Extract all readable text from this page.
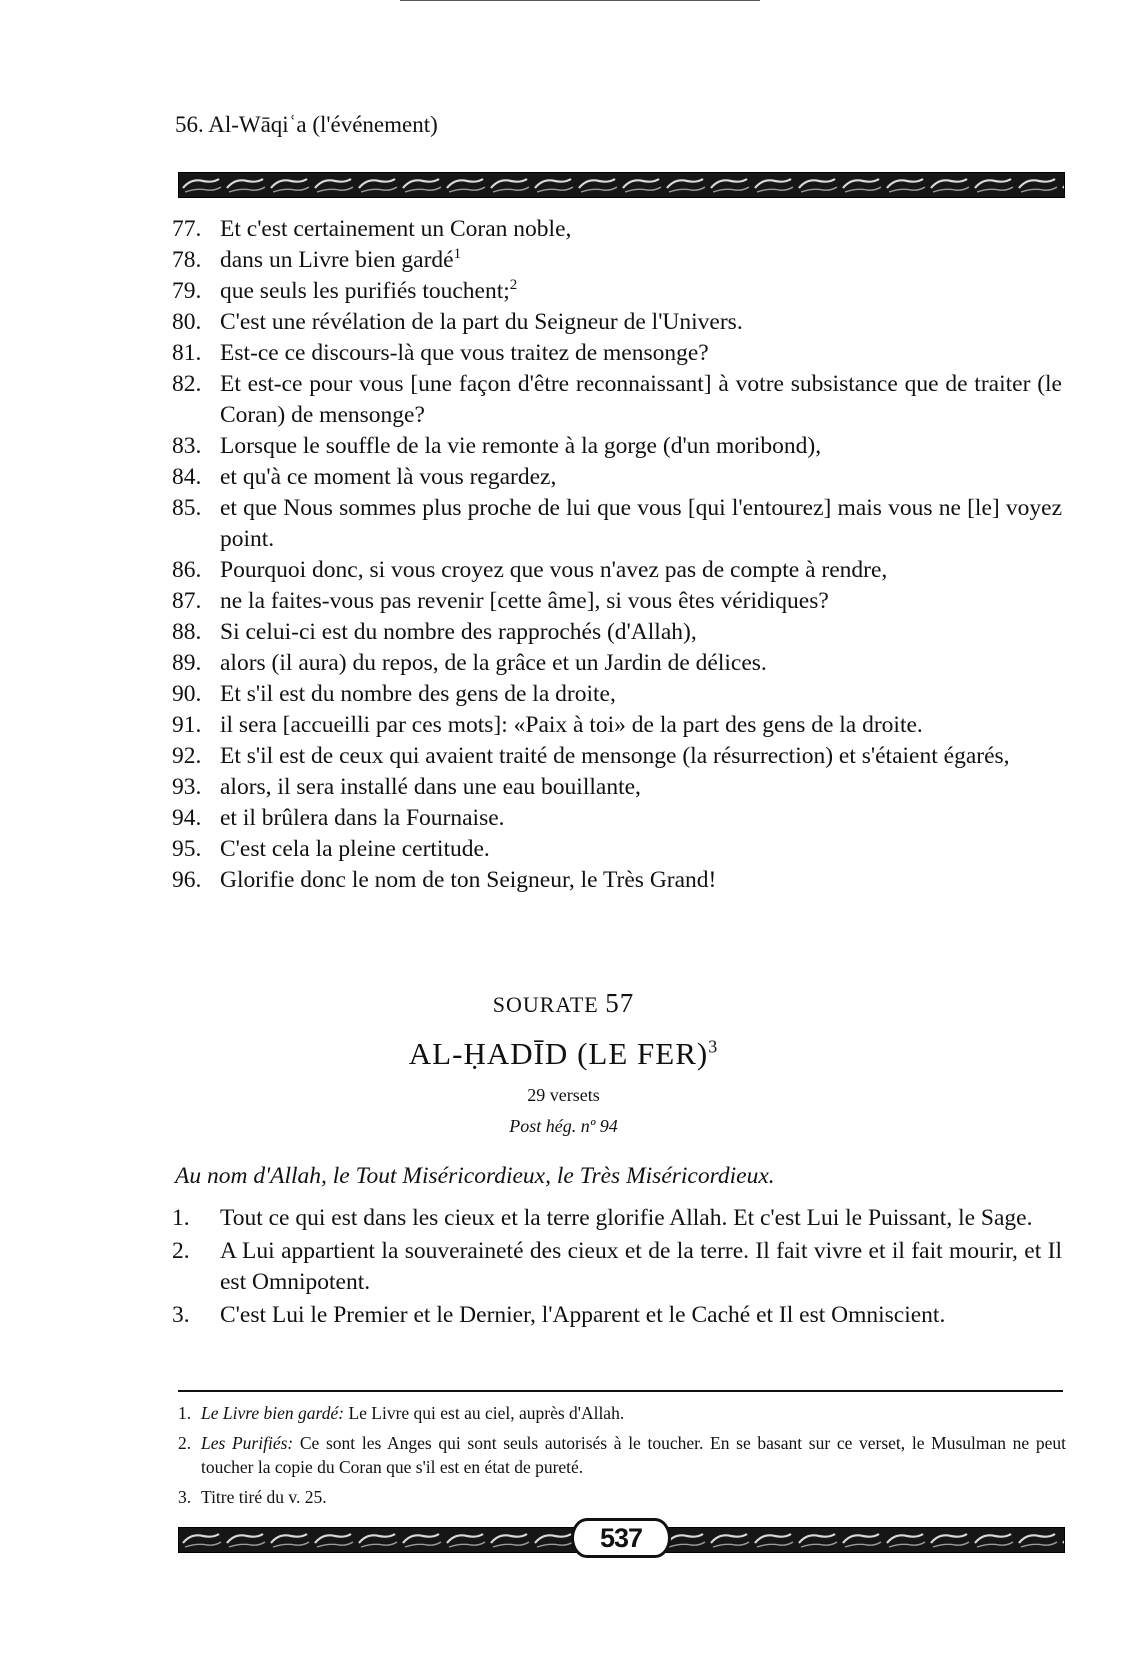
56. Al-Wāqiʿa (l'événement)
77. Et c'est certainement un Coran noble,
78. dans un Livre bien gardé$^1$
79. que seuls les purifiés touchent;$^2$
80. C'est une révélation de la part du Seigneur de l'Univers.
81. Est-ce ce discours-là que vous traitez de mensonge?
82. Et est-ce pour vous [une façon d'être reconnaissant] à votre subsistance que de traiter (le Coran) de mensonge?
83. Lorsque le souffle de la vie remonte à la gorge (d'un moribond),
84. et qu'à ce moment là vous regardez,
85. et que Nous sommes plus proche de lui que vous [qui l'entourez] mais vous ne [le] voyez point.
86. Pourquoi donc, si vous croyez que vous n'avez pas de compte à rendre,
87. ne la faites-vous pas revenir [cette âme], si vous êtes véridiques?
88. Si celui-ci est du nombre des rapprochés (d'Allah),
89. alors (il aura) du repos, de la grâce et un Jardin de délices.
90. Et s'il est du nombre des gens de la droite,
91. il sera [accueilli par ces mots]: «Paix à toi» de la part des gens de la droite.
92. Et s'il est de ceux qui avaient traité de mensonge (la résurrection) et s'étaient égarés,
93. alors, il sera installé dans une eau bouillante,
94. et il brûlera dans la Fournaise.
95. C'est cela la pleine certitude.
96. Glorifie donc le nom de ton Seigneur, le Très Grand!
SOURATE 57
AL-ḤADĪD (LE FER)$^3$
29 versets
Post hég. nº 94
Au nom d'Allah, le Tout Miséricordieux, le Très Miséricordieux.
1. Tout ce qui est dans les cieux et la terre glorifie Allah. Et c'est Lui le Puissant, le Sage.
2. A Lui appartient la souveraineté des cieux et de la terre. Il fait vivre et il fait mourir, et Il est Omnipotent.
3. C'est Lui le Premier et le Dernier, l'Apparent et le Caché et Il est Omniscient.
1. Le Livre bien gardé: Le Livre qui est au ciel, auprès d'Allah.
2. Les Purifiés: Ce sont les Anges qui sont seuls autorisés à le toucher. En se basant sur ce verset, le Musulman ne peut toucher la copie du Coran que s'il est en état de pureté.
3. Titre tiré du v. 25.
537
